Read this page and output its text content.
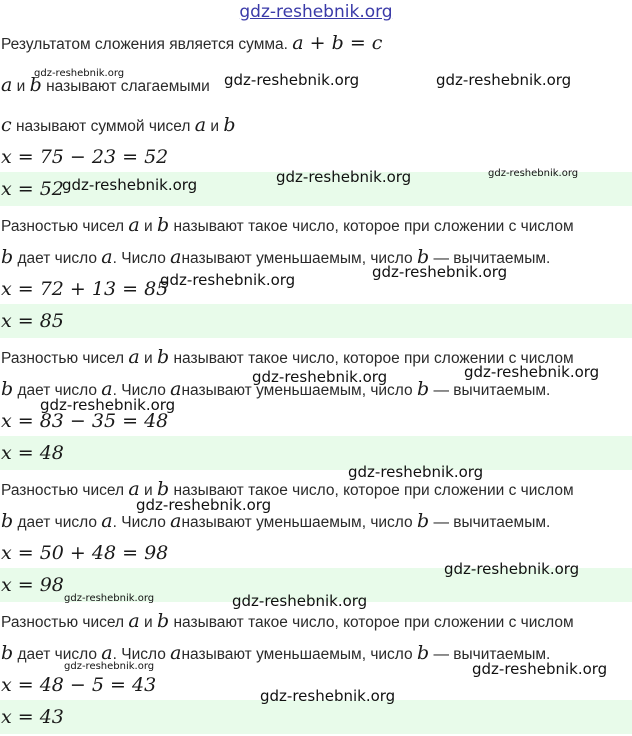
gdz-reshebnik.org
Результатом сложения является сумма. a + b = c
a и b называют слагаемыми
c называют суммой чисел a и b
x = 75 − 23 = 52
x = 52
Разностью чисел a и b называют такое число, которое при сложении с числом
b дает число a. Число aназывают уменьшаемым, число b — вычитаемым.
x = 72 + 13 = 85
x = 85
Разностью чисел a и b называют такое число, которое при сложении с числом
b дает число a. Число aназывают уменьшаемым, число b — вычитаемым.
x = 83 − 35 = 48
x = 48
Разностью чисел a и b называют такое число, которое при сложении с числом
b дает число a. Число aназывают уменьшаемым, число b — вычитаемым.
x = 50 + 48 = 98
x = 98
Разностью чисел a и b называют такое число, которое при сложении с числом
b дает число a. Число aназывают уменьшаемым, число b — вычитаемым.
x = 48 − 5 = 43
x = 43
gdz-reshebnik.org	gdz-reshebnik.org	gdz-reshebnik.org
gdz-reshebnik.org
gdz-reshebnik.org
gdz-reshebnik.org
gdz-reshebnik.org
gdz-reshebnik.org
gdz-reshebnik.org	gdz-reshebnik.org
gdz-reshebnik.org
gdz-reshebnik.org
gdz-reshebnik.org
gdz-reshebnik.org
gdz-reshebnik.org	gdz-reshebnik.org
gdz-reshebnik.org	gdz-reshebnik.org
gdz-reshebnik.org
